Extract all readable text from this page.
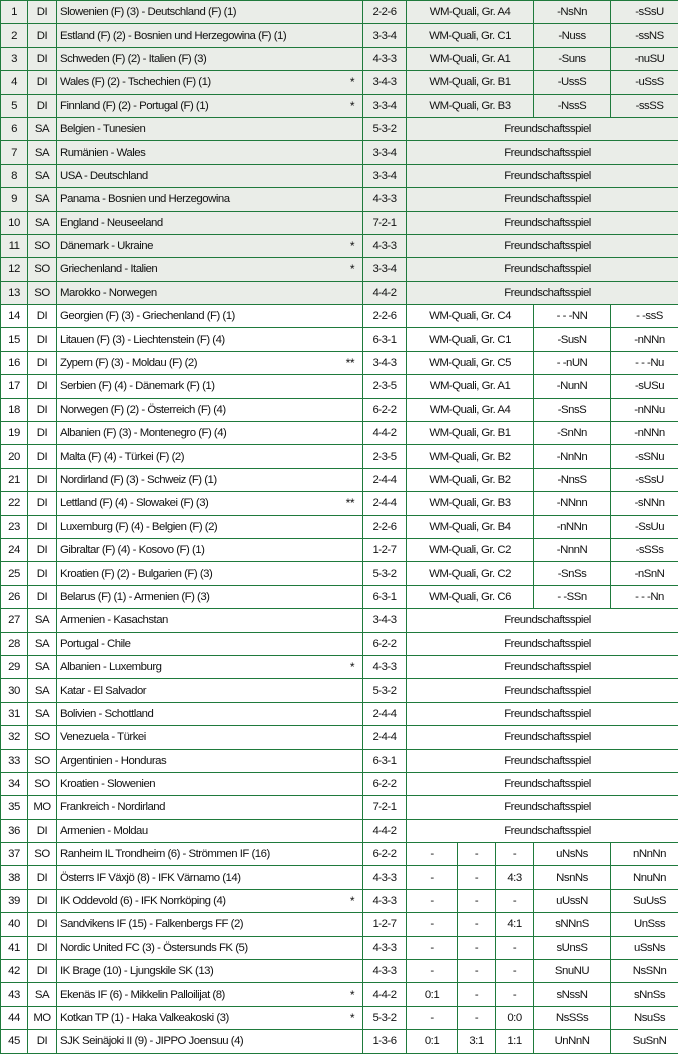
1	DI	Slowenien (F) (3) - Deutschland (F) (1)	2-2-6	WM-Quali, Gr. A4			-NsNn	-sSsU
2	DI	Estland (F) (2) - Bosnien und Herzegowina (F) (1)	3-3-4	WM-Quali, Gr. C1			-Nuss	-ssNS
3	DI	Schweden (F) (2) - Italien (F) (3)	4-3-3	WM-Quali, Gr. A1			-Suns	-nuSU
4	DI	Wales (F) (2) - Tschechien (F) (1) *	3-4-3	WM-Quali, Gr. B1			-UssS	-uSsS
5	DI	Finnland (F) (2) - Portugal (F) (1) *	3-3-4	WM-Quali, Gr. B3			-NssS	-ssSS
6	SA	Belgien - Tunesien	5-3-2	Freundschaftsspiel				
7	SA	Rumänien - Wales	3-3-4	Freundschaftsspiel				
8	SA	USA - Deutschland	3-3-4	Freundschaftsspiel				
9	SA	Panama - Bosnien und Herzegowina	4-3-3	Freundschaftsspiel				
10	SA	England - Neuseeland	7-2-1	Freundschaftsspiel				
11	SO	Dänemark - Ukraine *	4-3-3	Freundschaftsspiel				
12	SO	Griechenland - Italien *	3-3-4	Freundschaftsspiel				
13	SO	Marokko - Norwegen	4-4-2	Freundschaftsspiel				
14	DI	Georgien (F) (3) - Griechenland (F) (1)	2-2-6	WM-Quali, Gr. C4			- - -NN	- -ssS
15	DI	Litauen (F) (3) - Liechtenstein (F) (4)	6-3-1	WM-Quali, Gr. C1			-SusN	-nNNn
16	DI	Zypern (F) (3) - Moldau (F) (2) **	3-4-3	WM-Quali, Gr. C5			- -nUN	- - -Nu
17	DI	Serbien (F) (4) - Dänemark (F) (1)	2-3-5	WM-Quali, Gr. A1			-NunN	-sUSu
18	DI	Norwegen (F) (2) - Österreich (F) (4)	6-2-2	WM-Quali, Gr. A4			-SnsS	-nNNu
19	DI	Albanien (F) (3) - Montenegro (F) (4)	4-4-2	WM-Quali, Gr. B1			-SnNn	-nNNn
20	DI	Malta (F) (4) - Türkei (F) (2)	2-3-5	WM-Quali, Gr. B2			-NnNn	-sSNu
21	DI	Nordirland (F) (3) - Schweiz (F) (1)	2-4-4	WM-Quali, Gr. B2			-NnsS	-sSsU
22	DI	Lettland (F) (4) - Slowakei (F) (3) **	2-4-4	WM-Quali, Gr. B3			-NNnn	-sNNn
23	DI	Luxemburg (F) (4) - Belgien (F) (2)	2-2-6	WM-Quali, Gr. B4			-nNNn	-SsUu
24	DI	Gibraltar (F) (4) - Kosovo (F) (1)	1-2-7	WM-Quali, Gr. C2			-NnnN	-sSSs
25	DI	Kroatien (F) (2) - Bulgarien (F) (3)	5-3-2	WM-Quali, Gr. C2			-SnSs	-nSnN
26	DI	Belarus (F) (1) - Armenien (F) (3)	6-3-1	WM-Quali, Gr. C6			- -SSn	- - -Nn
27	SA	Armenien - Kasachstan	3-4-3	Freundschaftsspiel				
28	SA	Portugal - Chile	6-2-2	Freundschaftsspiel				
29	SA	Albanien - Luxemburg *	4-3-3	Freundschaftsspiel				
30	SA	Katar - El Salvador	5-3-2	Freundschaftsspiel				
31	SA	Bolivien - Schottland	2-4-4	Freundschaftsspiel				
32	SO	Venezuela - Türkei	2-4-4	Freundschaftsspiel				
33	SO	Argentinien - Honduras	6-3-1	Freundschaftsspiel				
34	SO	Kroatien - Slowenien	6-2-2	Freundschaftsspiel				
35	MO	Frankreich - Nordirland	7-2-1	Freundschaftsspiel				
36	DI	Armenien - Moldau	4-4-2	Freundschaftsspiel				
37	SO	Ranheim IL Trondheim (6) - Strömmen IF (16)	6-2-2	-	-	-	uNsNs	nNnNn
38	DI	Österrs IF Växjö (8) - IFK Värnamo (14)	4-3-3	-	-	4:3	NsnNs	NnuNn
39	DI	IK Oddevold (6) - IFK Norrköping (4) *	4-3-3	-	-	-	uUssN	SuUsS
40	DI	Sandvikens IF (15) - Falkenbergs FF (2)	1-2-7	-	-	4:1	sNNnS	UnSss
41	DI	Nordic United FC (3) - Östersunds FK (5)	4-3-3	-	-	-	sUnsS	uSsNs
42	DI	IK Brage (10) - Ljungskile SK (13)	4-3-3	-	-	-	SnuNU	NsSNn
43	SA	Ekenäs IF (6) - Mikkelin Palloilijat (8) *	4-4-2	0:1	-	-	sNssN	sNnSs
44	MO	Kotkan TP (1) - Haka Valkeakoski (3) *	5-3-2	-	-	0:0	NsSSs	NsuSs
45	DI	SJK Seinäjoki II (9) - JIPPO Joensuu (4)	1-3-6	0:1	3:1	1:1	UnNnN	SuSnN
